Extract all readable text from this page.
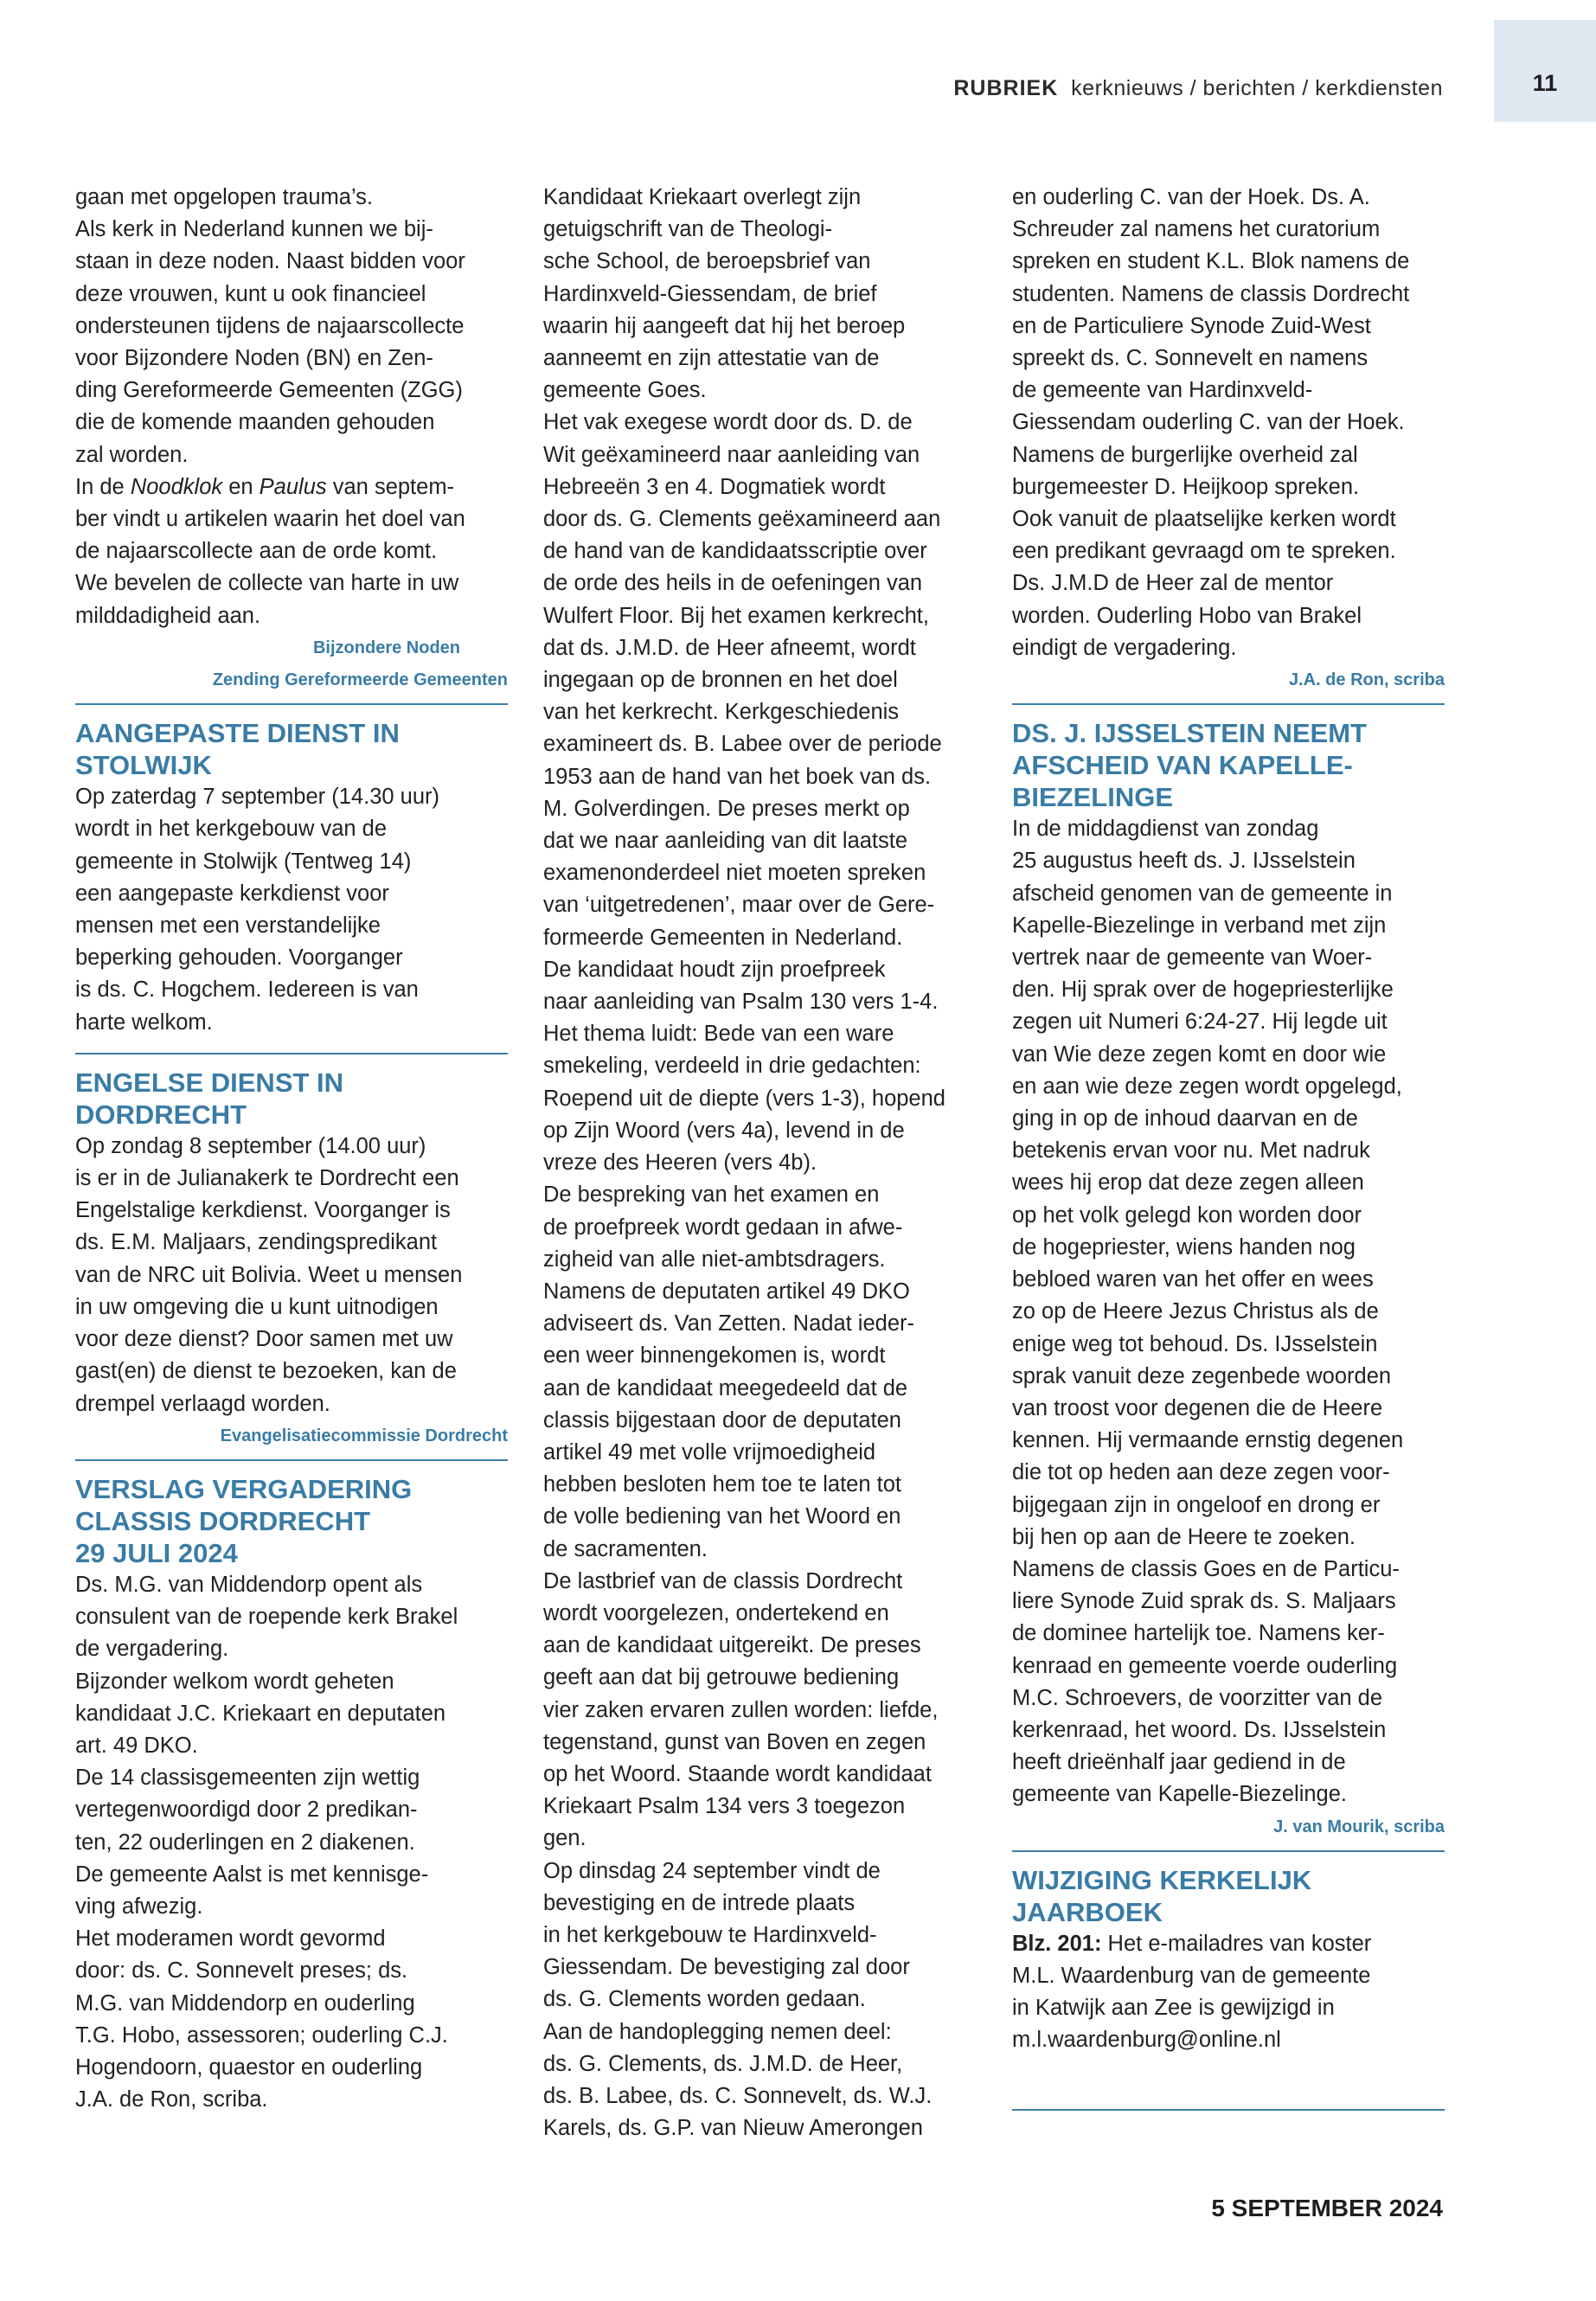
RUBRIEK kerknieuws / berichten / kerkdiensten	11

gaan met opgelopen trauma’s.

Als kerk in Nederland kunnen we bij-

staan in deze noden. Naast bidden voor

deze vrouwen, kunt u ook financieel

ondersteunen tijdens de najaarscollecte

voor Bijzondere Noden (BN) en Zen-

ding Gereformeerde Gemeenten (ZGG)

die de komende maanden gehouden

zal worden.

In de Noodklok en Paulus van septem-

ber vindt u artikelen waarin het doel van

de najaarscollecte aan de orde komt.

We bevelen de collecte van harte in uw

milddadigheid aan.

Bijzondere Noden

Zending Gereformeerde Gemeenten

AANGEPASTE DIENST IN

STOLWIJK

Op zaterdag 7 september (14.30 uur)

wordt in het kerkgebouw van de

gemeente in Stolwijk (Tentweg 14)

een aangepaste kerkdienst voor

mensen met een verstandelijke

beperking gehouden. Voorganger

is ds. C. Hogchem. Iedereen is van

harte welkom.

ENGELSE DIENST IN

DORDRECHT

Op zondag 8 september (14.00 uur)

is er in de Julianakerk te Dordrecht een

Engelstalige kerkdienst. Voorganger is

ds. E.M. Maljaars, zendingspredikant

van de NRC uit Bolivia. Weet u mensen

in uw omgeving die u kunt uitnodigen

voor deze dienst? Door samen met uw

gast(en) de dienst te bezoeken, kan de

drempel verlaagd worden.

Evangelisatiecommissie Dordrecht

VERSLAG VERGADERING

CLASSIS DORDRECHT

29 JULI 2024

Ds. M.G. van Middendorp opent als

consulent van de roepende kerk Brakel

de vergadering.

Bijzonder welkom wordt geheten

kandidaat J.C. Kriekaart en deputaten

art. 49 DKO.

De 14 classisgemeenten zijn wettig

vertegenwoordigd door 2 predikan-

ten, 22 ouderlingen en 2 diakenen.

De gemeente Aalst is met kennisge-

ving afwezig.

Het moderamen wordt gevormd

door: ds. C. Sonnevelt preses; ds.

M.G. van Middendorp en ouderling

T.G. Hobo, assessoren; ouderling C.J.

Hogendoorn, quaestor en ouderling

J.A. de Ron, scriba.

Kandidaat Kriekaart overlegt zijn

getuigschrift van de Theologi-

sche School, de beroepsbrief van

Hardinxveld-Giessendam, de brief

waarin hij aangeeft dat hij het beroep

aanneemt en zijn attestatie van de

gemeente Goes.

Het vak exegese wordt door ds. D. de

Wit geëxamineerd naar aanleiding van

Hebreeën 3 en 4. Dogmatiek wordt

door ds. G. Clements geëxamineerd aan

de hand van de kandidaatsscriptie over

de orde des heils in de oefeningen van

Wulfert Floor. Bij het examen kerkrecht,

dat ds. J.M.D. de Heer afneemt, wordt

ingegaan op de bronnen en het doel

van het kerkrecht. Kerkgeschiedenis

examineert ds. B. Labee over de periode

1953 aan de hand van het boek van ds.

M. Golverdingen. De preses merkt op

dat we naar aanleiding van dit laatste

examenonderdeel niet moeten spreken

van ‘uitgetredenen’, maar over de Gere-

formeerde Gemeenten in Nederland.

De kandidaat houdt zijn proefpreek

naar aanleiding van Psalm 130 vers 1-4.

Het thema luidt: Bede van een ware

smekeling, verdeeld in drie gedachten:

Roepend uit de diepte (vers 1-3), hopend

op Zijn Woord (vers 4a), levend in de

vreze des Heeren (vers 4b).

De bespreking van het examen en

de proefpreek wordt gedaan in afwe-

zigheid van alle niet-ambtsdragers.

Namens de deputaten artikel 49 DKO

adviseert ds. Van Zetten. Nadat ieder-

een weer binnengekomen is, wordt

aan de kandidaat meegedeeld dat de

classis bijgestaan door de deputaten

artikel 49 met volle vrijmoedigheid

hebben besloten hem toe te laten tot

de volle bediening van het Woord en

de sacramenten.

De lastbrief van de classis Dordrecht

wordt voorgelezen, ondertekend en

aan de kandidaat uitgereikt. De preses

geeft aan dat bij getrouwe bediening

vier zaken ervaren zullen worden: liefde,

tegenstand, gunst van Boven en zegen

op het Woord. Staande wordt kandidaat

Kriekaart Psalm 134 vers 3 toegezon

gen.

Op dinsdag 24 september vindt de

bevestiging en de intrede plaats

in het kerkgebouw te Hardinxveld-

Giessendam. De bevestiging zal door

ds. G. Clements worden gedaan.

Aan de handoplegging nemen deel:

ds. G. Clements, ds. J.M.D. de Heer,

ds. B. Labee, ds. C. Sonnevelt, ds. W.J.

Karels, ds. G.P. van Nieuw Amerongen

en ouderling C. van der Hoek. Ds. A.

Schreuder zal namens het curatorium

spreken en student K.L. Blok namens de

studenten. Namens de classis Dordrecht

en de Particuliere Synode Zuid-West

spreekt ds. C. Sonnevelt en namens

de gemeente van Hardinxveld-

Giessendam ouderling C. van der Hoek.

Namens de burgerlijke overheid zal

burgemeester D. Heijkoop spreken.

Ook vanuit de plaatselijke kerken wordt

een predikant gevraagd om te spreken.

Ds. J.M.D de Heer zal de mentor

worden. Ouderling Hobo van Brakel

eindigt de vergadering.

J.A. de Ron, scriba

DS. J. IJSSELSTEIN NEEMT

AFSCHEID VAN KAPELLE-

BIEZELINGE

In de middagdienst van zondag

25 augustus heeft ds. J. IJsselstein

afscheid genomen van de gemeente in

Kapelle-Biezelinge in verband met zijn

vertrek naar de gemeente van Woer-

den. Hij sprak over de hogepriesterlijke

zegen uit Numeri 6:24-27. Hij legde uit

van Wie deze zegen komt en door wie

en aan wie deze zegen wordt opgelegd,

ging in op de inhoud daarvan en de

betekenis ervan voor nu. Met nadruk

wees hij erop dat deze zegen alleen

op het volk gelegd kon worden door

de hogepriester, wiens handen nog

bebloed waren van het offer en wees

zo op de Heere Jezus Christus als de

enige weg tot behoud. Ds. IJsselstein

sprak vanuit deze zegenbede woorden

van troost voor degenen die de Heere

kennen. Hij vermaande ernstig degenen

die tot op heden aan deze zegen voor-

bijgegaan zijn in ongeloof en drong er

bij hen op aan de Heere te zoeken.

Namens de classis Goes en de Particu-

liere Synode Zuid sprak ds. S. Maljaars

de dominee hartelijk toe. Namens ker-

kenraad en gemeente voerde ouderling

M.C. Schroevers, de voorzitter van de

kerkenraad, het woord. Ds. IJsselstein

heeft drieënhalf jaar gediend in de

gemeente van Kapelle-Biezelinge.

J. van Mourik, scriba

WIJZIGING KERKELIJK

JAARBOEK

Blz. 201: Het e-mailadres van koster

M.L. Waardenburg van de gemeente

in Katwijk aan Zee is gewijzigd in

m.l.waardenburg@online.nl

5 SEPTEMBER 2024
